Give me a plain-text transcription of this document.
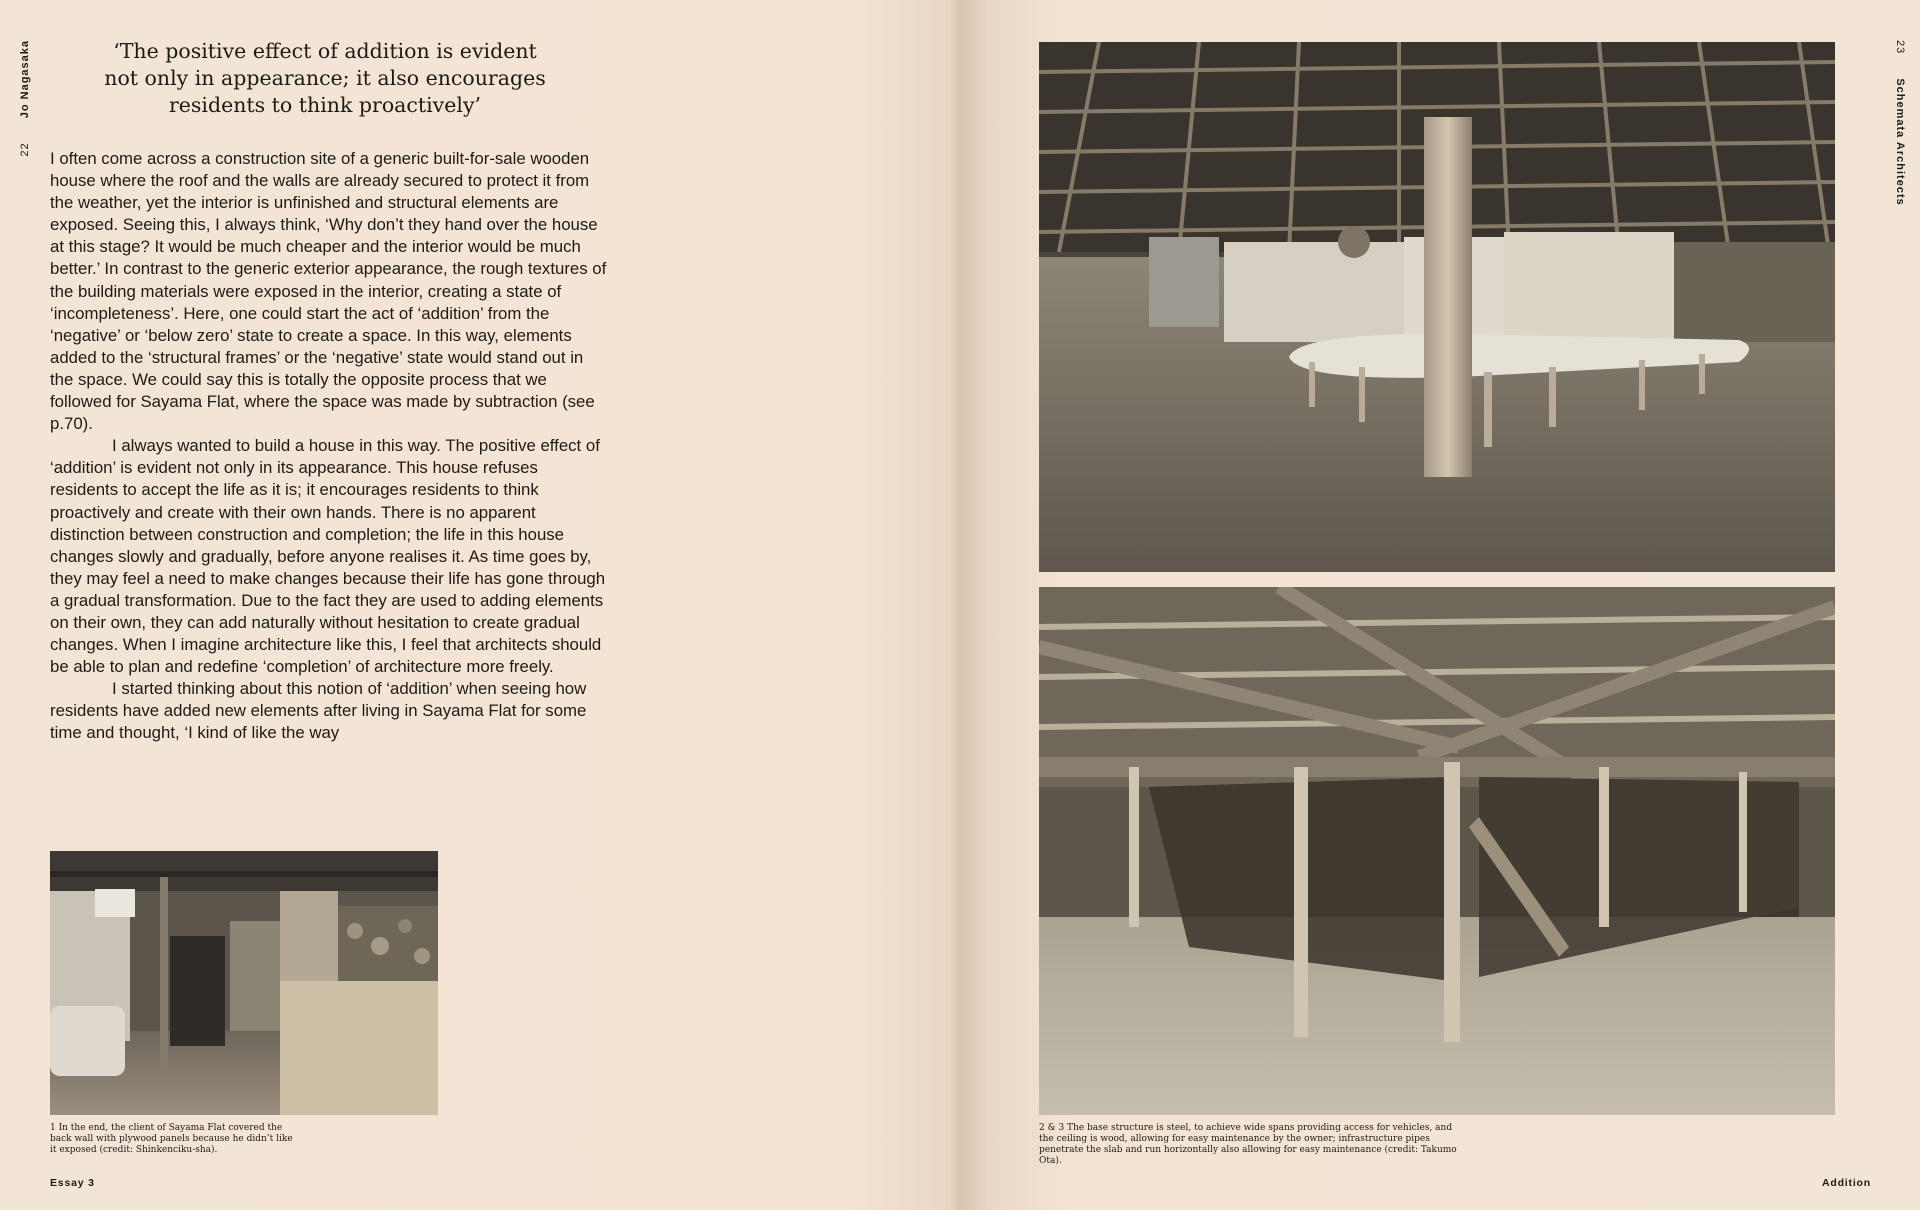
22 Jo Nagasaka	23 Schemata Architects
‘The positive effect of addition is evident not only in appearance; it also encourages residents to think proactively’

I often come across a construction site of a generic built-for-sale wooden house where the roof and the walls are already secured to protect it from the weather, yet the interior is unfinished and structural elements are exposed. Seeing this, I always think, ‘Why don’t they hand over the house at this stage? It would be much cheaper and the interior would be much better.’ In contrast to the generic exterior appearance, the rough textures of the building materials were exposed in the interior, creating a state of ‘incompleteness’. Here, one could start the act of ‘addition’ from the ‘negative’ or ‘below zero’ state to create a space. In this way, elements added to the ‘structural frames’ or the ‘negative’ state would stand out in the space. We could say this is totally the opposite process that we followed for Sayama Flat, where the space was made by subtraction (see p.70).

I always wanted to build a house in this way. The positive effect of ‘addition’ is evident not only in its appearance. This house refuses residents to accept the life as it is; it encourages residents to think proactively and create with their own hands. There is no apparent distinction between construction and completion; the life in this house changes slowly and gradually, before anyone realises it. As time goes by, they may feel a need to make changes because their life has gone through a gradual transformation. Due to the fact they are used to adding elements on their own, they can add naturally without hesitation to create gradual changes. When I imagine architecture like this, I feel that architects should be able to plan and redefine ‘completion’ of architecture more freely.

I started thinking about this notion of ‘addition’ when seeing how residents have added new elements after living in Sayama Flat for some time and thought, ‘I kind of like the way

1 In the end, the client of Sayama Flat covered the back wall with plywood panels because he didn’t like it exposed (credit: Shinkenciku-sha).
Essay 3
2 & 3 The base structure is steel, to achieve wide spans providing access for vehicles, and the ceiling is wood, allowing for easy maintenance by the owner; infrastructure pipes penetrate the slab and run horizontally also allowing for easy maintenance (credit: Takumo Ota).
Addition
